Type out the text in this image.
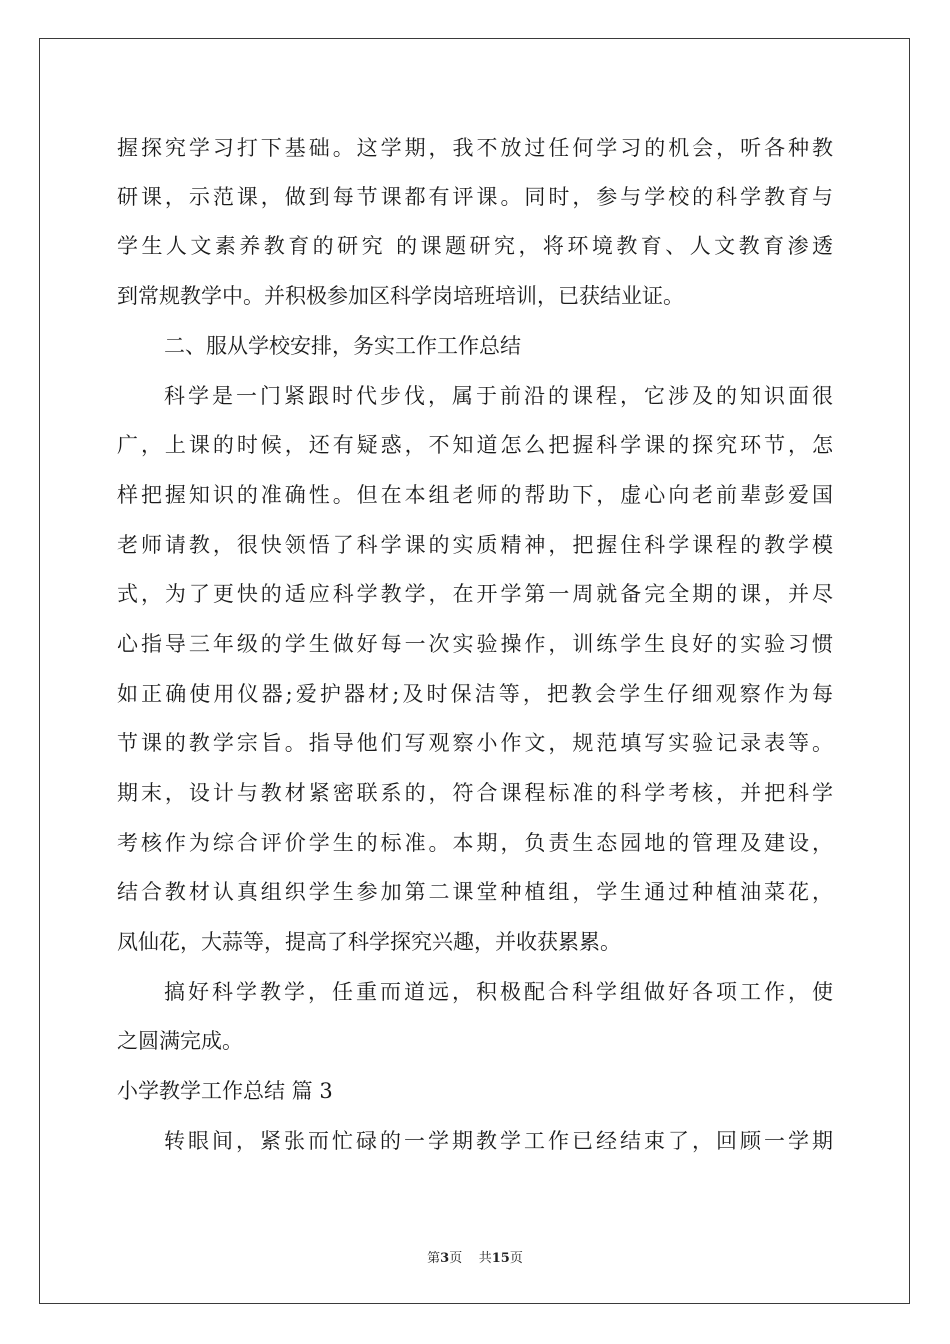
握探究学习打下基础。这学期，我不放过任何学习的机会，听各种教
研课，示范课，做到每节课都有评课。同时，参与学校的科学教育与
学生人文素养教育的研究 的课题研究，将环境教育、人文教育渗透
到常规教学中。并积极参加区科学岗培班培训，已获结业证。
二、服从学校安排，务实工作工作总结
科学是一门紧跟时代步伐，属于前沿的课程，它涉及的知识面很
广，上课的时候，还有疑惑，不知道怎么把握科学课的探究环节，怎
样把握知识的准确性。但在本组老师的帮助下，虚心向老前辈彭爱国
老师请教，很快领悟了科学课的实质精神，把握住科学课程的教学模
式，为了更快的适应科学教学，在开学第一周就备完全期的课，并尽
心指导三年级的学生做好每一次实验操作，训练学生良好的实验习惯
如正确使用仪器;爱护器材;及时保洁等，把教会学生仔细观察作为每
节课的教学宗旨。指导他们写观察小作文，规范填写实验记录表等。
期末，设计与教材紧密联系的，符合课程标准的科学考核，并把科学
考核作为综合评价学生的标准。本期，负责生态园地的管理及建设，
结合教材认真组织学生参加第二课堂种植组，学生通过种植油菜花，
凤仙花，大蒜等，提高了科学探究兴趣，并收获累累。
搞好科学教学，任重而道远，积极配合科学组做好各项工作，使
之圆满完成。
小学教学工作总结 篇 3
转眼间，紧张而忙碌的一学期教学工作已经结束了，回顾一学期
第3页 共15页
